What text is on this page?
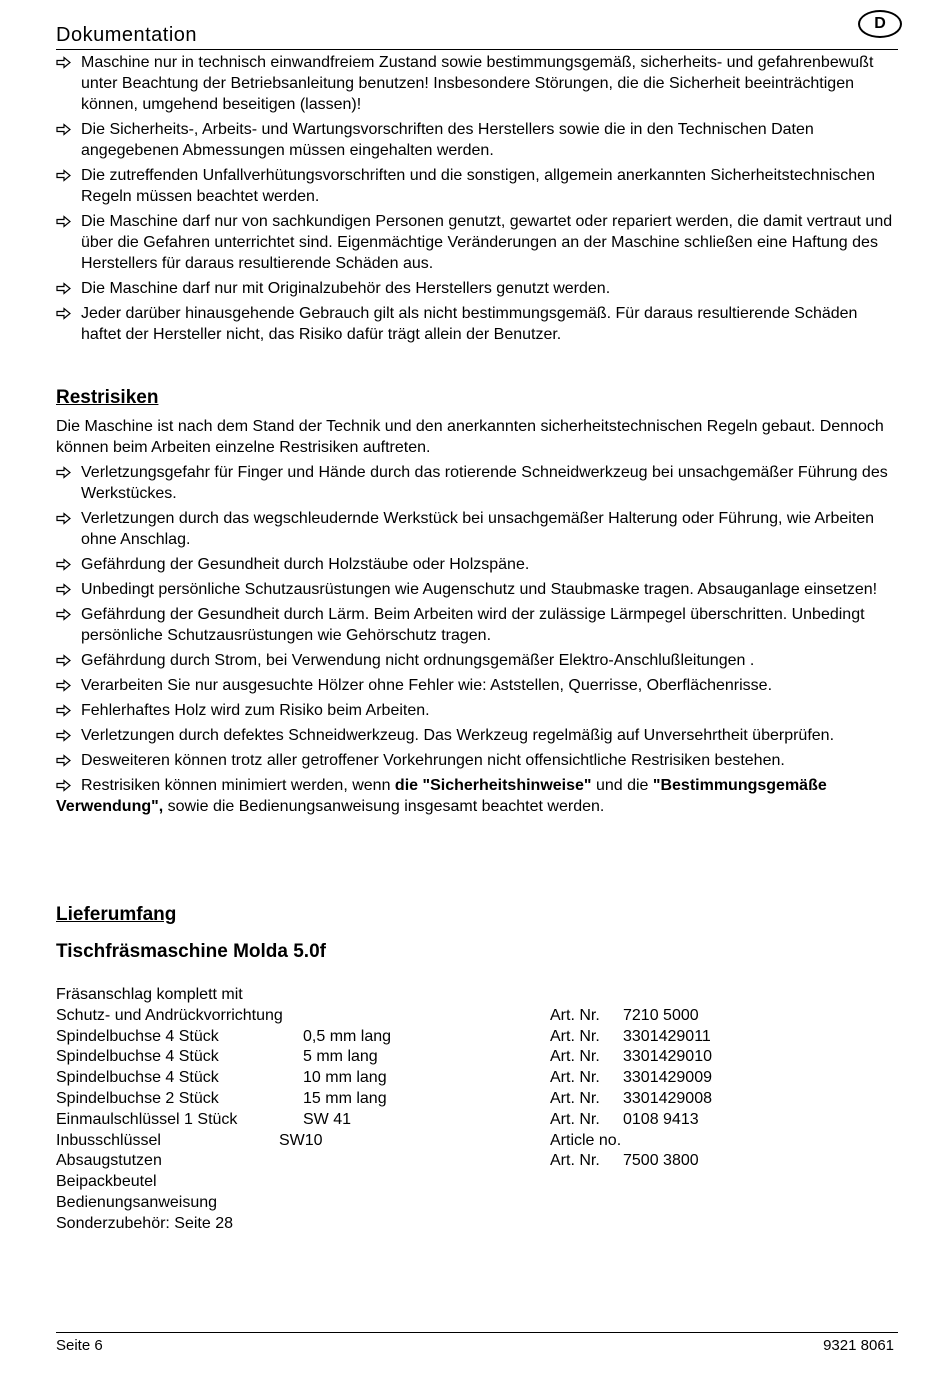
Dokumentation
D
Maschine nur in technisch einwandfreiem Zustand sowie bestimmungsgemäß, sicherheits- und gefahrenbewußt unter Beachtung der Betriebsanleitung benutzen! Insbesondere Störungen, die die Sicherheit beeinträchtigen können, umgehend beseitigen (lassen)!
Die Sicherheits-, Arbeits- und Wartungsvorschriften des Herstellers sowie die in den Technischen Daten angegebenen Abmessungen müssen eingehalten werden.
Die zutreffenden Unfallverhütungsvorschriften und die sonstigen, allgemein anerkannten Sicherheitstechnischen Regeln müssen beachtet werden.
Die Maschine darf nur von sachkundigen Personen genutzt, gewartet oder repariert werden, die damit vertraut und über die Gefahren unterrichtet sind. Eigenmächtige Veränderungen an der Maschine schließen eine Haftung des Herstellers für daraus resultierende Schäden aus.
Die Maschine darf nur mit Originalzubehör des Herstellers genutzt werden.
Jeder darüber hinausgehende Gebrauch gilt als nicht bestimmungsgemäß. Für daraus resultierende Schäden haftet der Hersteller nicht, das Risiko dafür trägt allein der Benutzer.
Restrisiken

Die Maschine ist nach dem Stand der Technik und den anerkannten sicherheitstechnischen Regeln gebaut. Dennoch können beim Arbeiten einzelne Restrisiken auftreten.

Verletzungsgefahr für Finger und Hände durch das rotierende Schneidwerkzeug bei unsachgemäßer Führung des Werkstückes.
Verletzungen durch das wegschleudernde Werkstück bei unsachgemäßer Halterung oder Führung, wie Arbeiten ohne Anschlag.
Gefährdung der Gesundheit durch Holzstäube oder Holzspäne.
Unbedingt persönliche Schutzausrüstungen wie Augenschutz und Staubmaske tragen. Absauganlage einsetzen!
Gefährdung der Gesundheit durch Lärm. Beim Arbeiten wird der zulässige Lärmpegel überschritten. Unbedingt persönliche Schutzausrüstungen wie Gehörschutz tragen.
Gefährdung durch Strom, bei Verwendung nicht ordnungsgemäßer Elektro-Anschlußleitungen .
Verarbeiten Sie nur ausgesuchte Hölzer ohne Fehler wie: Aststellen, Querrisse, Oberflächenrisse.
Fehlerhaftes Holz wird zum Risiko beim Arbeiten.
Verletzungen durch defektes Schneidwerkzeug. Das Werkzeug regelmäßig auf Unversehrtheit überprüfen.
Desweiteren können trotz aller getroffener Vorkehrungen nicht offensichtliche Restrisiken bestehen.
Restrisiken können minimiert werden, wenn die "Sicherheitshinweise" und die "Bestimmungsgemäße Verwendung", sowie die Bedienungsanweisung insgesamt beachtet werden.
Lieferumfang
Tischfräsmaschine Molda 5.0f
Fräsanschlag komplett mit
Schutz- und Andrückvorrichtung	Art. Nr. 7210 5000
Spindelbuchse 4 Stück	0,5 mm lang	Art. Nr. 3301429011
Spindelbuchse 4 Stück	5 mm lang	Art. Nr. 3301429010
Spindelbuchse 4 Stück	10 mm lang	Art. Nr. 3301429009
Spindelbuchse 2 Stück	15 mm lang	Art. Nr. 3301429008
Einmaulschlüssel 1 Stück	SW 41	Art. Nr. 0108 9413
Inbusschlüssel	SW10	Article no.
Absaugstutzen	Art. Nr. 7500 3800
Beipackbeutel
Bedienungsanweisung
Sonderzubehör: Seite 28
Seite 6	9321 8061
